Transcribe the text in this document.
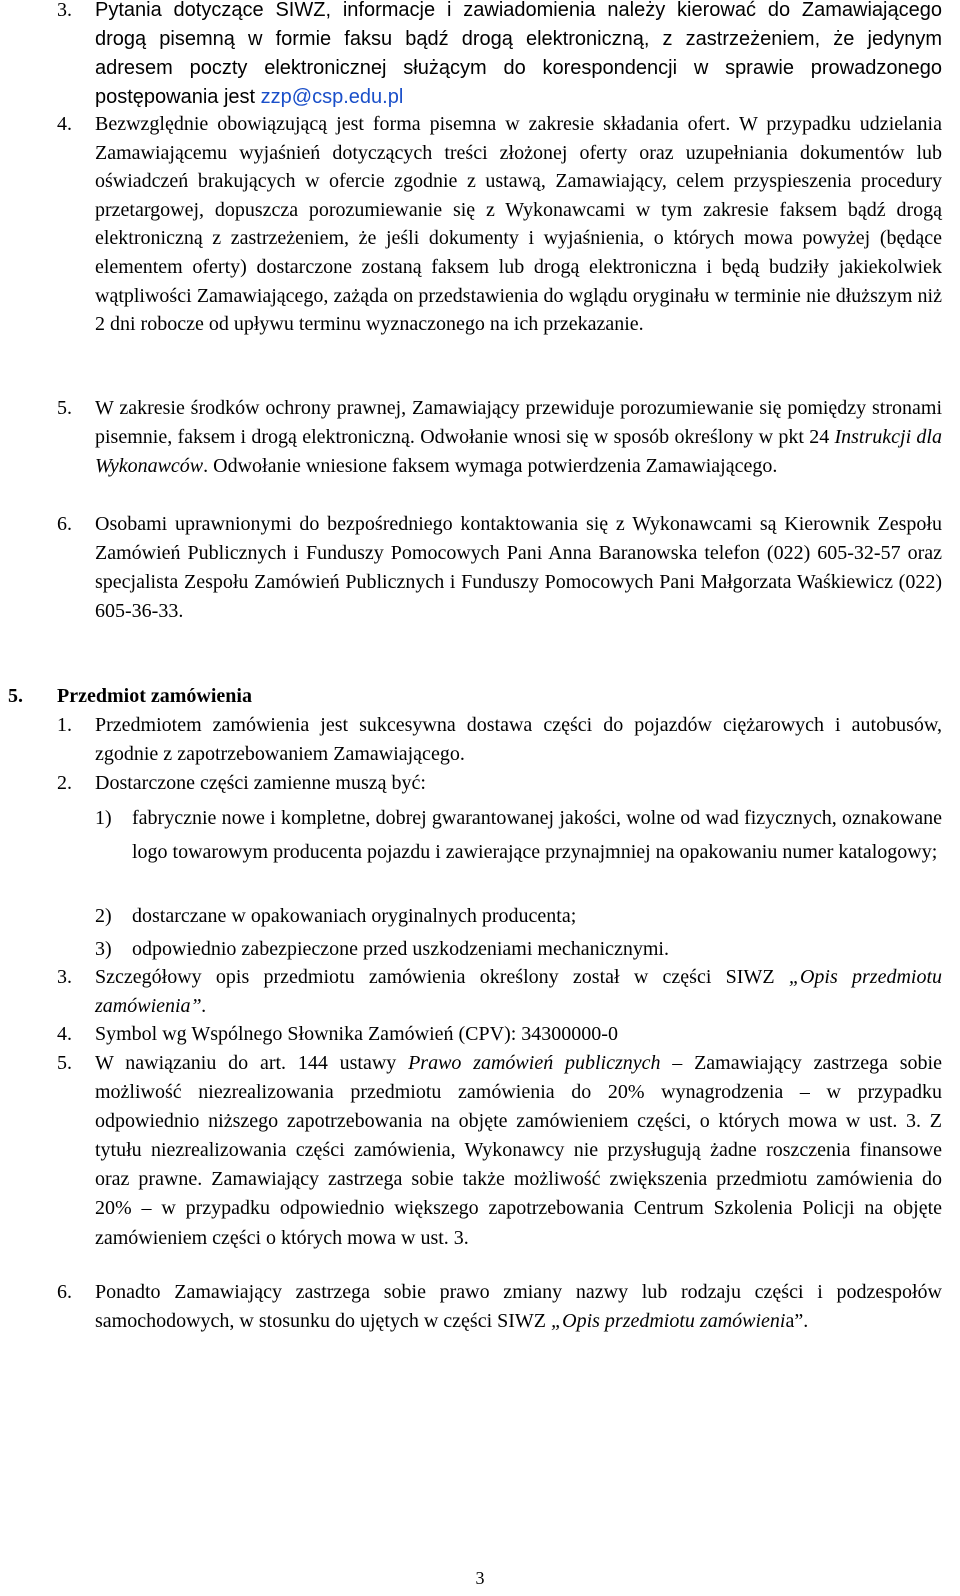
3. Pytania dotyczące SIWZ, informacje i zawiadomienia należy kierować do Zamawiającego drogą pisemną w formie faksu bądź drogą elektroniczną, z zastrzeżeniem, że jedynym adresem poczty elektronicznej służącym do korespondencji w sprawie prowadzonego postępowania jest zzp@csp.edu.pl

4. Bezwzględnie obowiązującą jest forma pisemna w zakresie składania ofert. W przypadku udzielania Zamawiającemu wyjaśnień dotyczących treści złożonej oferty oraz uzupełniania dokumentów lub oświadczeń brakujących w ofercie zgodnie z ustawą, Zamawiający, celem przyspieszenia procedury przetargowej, dopuszcza porozumiewanie się z Wykonawcami w tym zakresie faksem bądź drogą elektroniczną z zastrzeżeniem, że jeśli dokumenty i wyjaśnienia, o których mowa powyżej (będące elementem oferty) dostarczone zostaną faksem lub drogą elektroniczna i będą budziły jakiekolwiek wątpliwości Zamawiającego, zażąda on przedstawienia do wglądu oryginału w terminie nie dłuższym niż 2 dni robocze od upływu terminu wyznaczonego na ich przekazanie.

5. W zakresie środków ochrony prawnej, Zamawiający przewiduje porozumiewanie się pomiędzy stronami pisemnie, faksem i drogą elektroniczną. Odwołanie wnosi się w sposób określony w pkt 24 Instrukcji dla Wykonawców. Odwołanie wniesione faksem wymaga potwierdzenia Zamawiającego.

6. Osobami uprawnionymi do bezpośredniego kontaktowania się z Wykonawcami są Kierownik Zespołu Zamówień Publicznych i Funduszy Pomocowych Pani Anna Baranowska telefon (022) 605-32-57 oraz specjalista Zespołu Zamówień Publicznych i Funduszy Pomocowych Pani Małgorzata Waśkiewicz (022) 605-36-33.

5. Przedmiot zamówienia

1. Przedmiotem zamówienia jest sukcesywna dostawa części do pojazdów ciężarowych i autobusów, zgodnie z zapotrzebowaniem Zamawiającego.

2. Dostarczone części zamienne muszą być:

1) fabrycznie nowe i kompletne, dobrej gwarantowanej jakości, wolne od wad fizycznych, oznakowane logo towarowym producenta pojazdu i zawierające przynajmniej na opakowaniu numer katalogowy;

2) dostarczane w opakowaniach oryginalnych producenta;

3) odpowiednio zabezpieczone przed uszkodzeniami mechanicznymi.

3. Szczegółowy opis przedmiotu zamówienia określony został w części SIWZ „Opis przedmiotu zamówienia”.

4. Symbol wg Wspólnego Słownika Zamówień (CPV): 34300000-0

5. W nawiązaniu do art. 144 ustawy Prawo zamówień publicznych – Zamawiający zastrzega sobie możliwość niezrealizowania przedmiotu zamówienia do 20% wynagrodzenia – w przypadku odpowiednio niższego zapotrzebowania na objęte zamówieniem części, o których mowa w ust. 3. Z tytułu niezrealizowania części zamówienia, Wykonawcy nie przysługują żadne roszczenia finansowe oraz prawne. Zamawiający zastrzega sobie także możliwość zwiększenia przedmiotu zamówienia do 20% – w przypadku odpowiednio większego zapotrzebowania Centrum Szkolenia Policji na objęte zamówieniem części o których mowa w ust. 3.

6. Ponadto Zamawiający zastrzega sobie prawo zmiany nazwy lub rodzaju części i podzespołów samochodowych, w stosunku do ujętych w części SIWZ „Opis przedmiotu zamówienia”.

3
